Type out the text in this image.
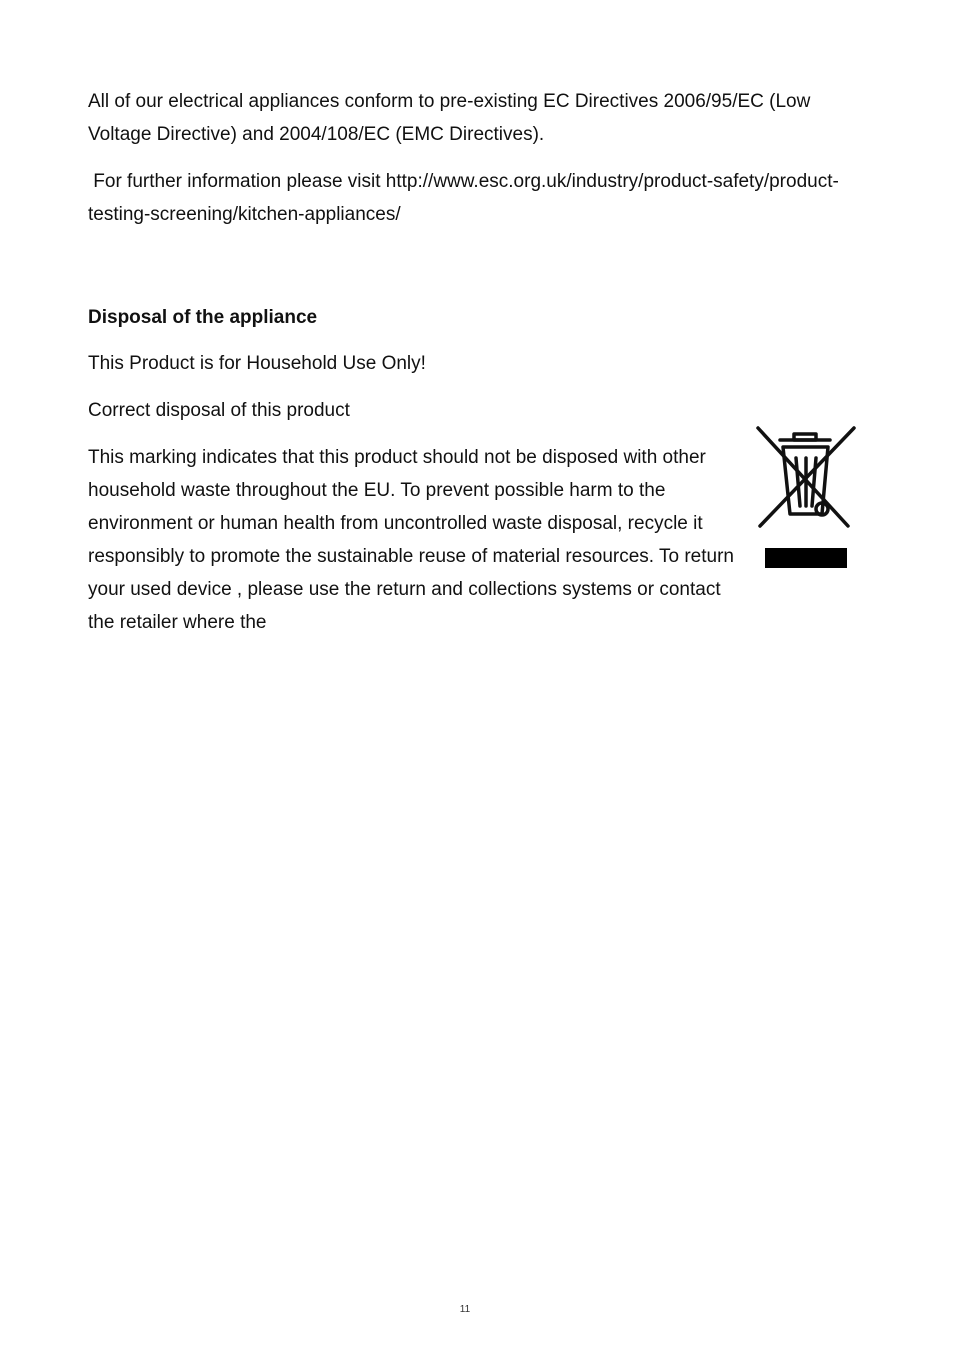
All of our electrical appliances conform to pre-existing EC Directives 2006/95/EC (Low Voltage Directive) and 2004/108/EC (EMC Directives).

For further information please visit http://www.esc.org.uk/industry/product-safety/product-testing-screening/kitchen-appliances/

Disposal of the appliance

This Product is for Household Use Only!

Correct disposal of this product

This marking indicates that this product should not be disposed with other household waste throughout the EU. To prevent possible harm to the environment or human health from uncontrolled waste disposal, recycle it responsibly to promote the sustainable reuse of material resources. To return your used device , please use the return and collections systems or contact the retailer where the

11
